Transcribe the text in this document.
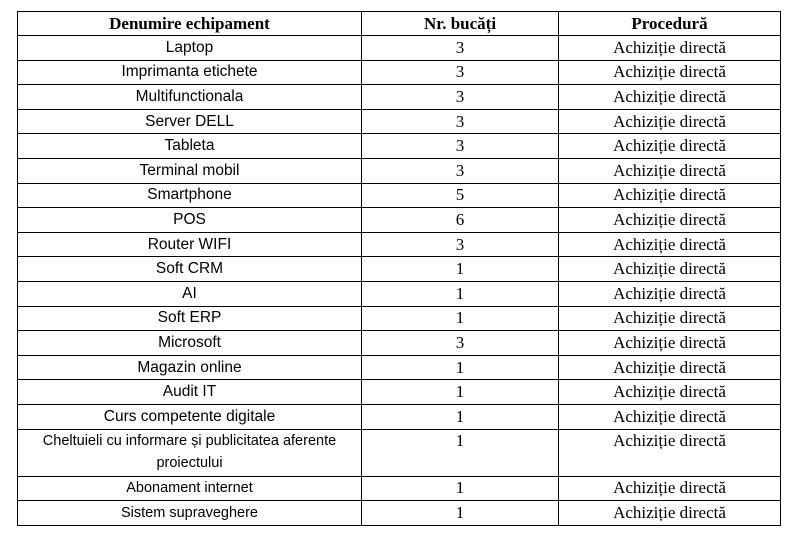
Denumire echipament	Nr. bucăți	Procedură
Laptop	3	Achiziție directă
Imprimanta etichete	3	Achiziție directă
Multifunctionala	3	Achiziție directă
Server DELL	3	Achiziție directă
Tableta	3	Achiziție directă
Terminal mobil	3	Achiziție directă
Smartphone	5	Achiziție directă
POS	6	Achiziție directă
Router WIFI	3	Achiziție directă
Soft CRM	1	Achiziție directă
AI	1	Achiziție directă
Soft ERP	1	Achiziție directă
Microsoft	3	Achiziție directă
Magazin online	1	Achiziție directă
Audit IT	1	Achiziție directă
Curs competente digitale	1	Achiziție directă
Cheltuieli cu informare și publicitatea aferente proiectului	1	Achiziție directă
Abonament internet	1	Achiziție directă
Sistem supraveghere	1	Achiziție directă
